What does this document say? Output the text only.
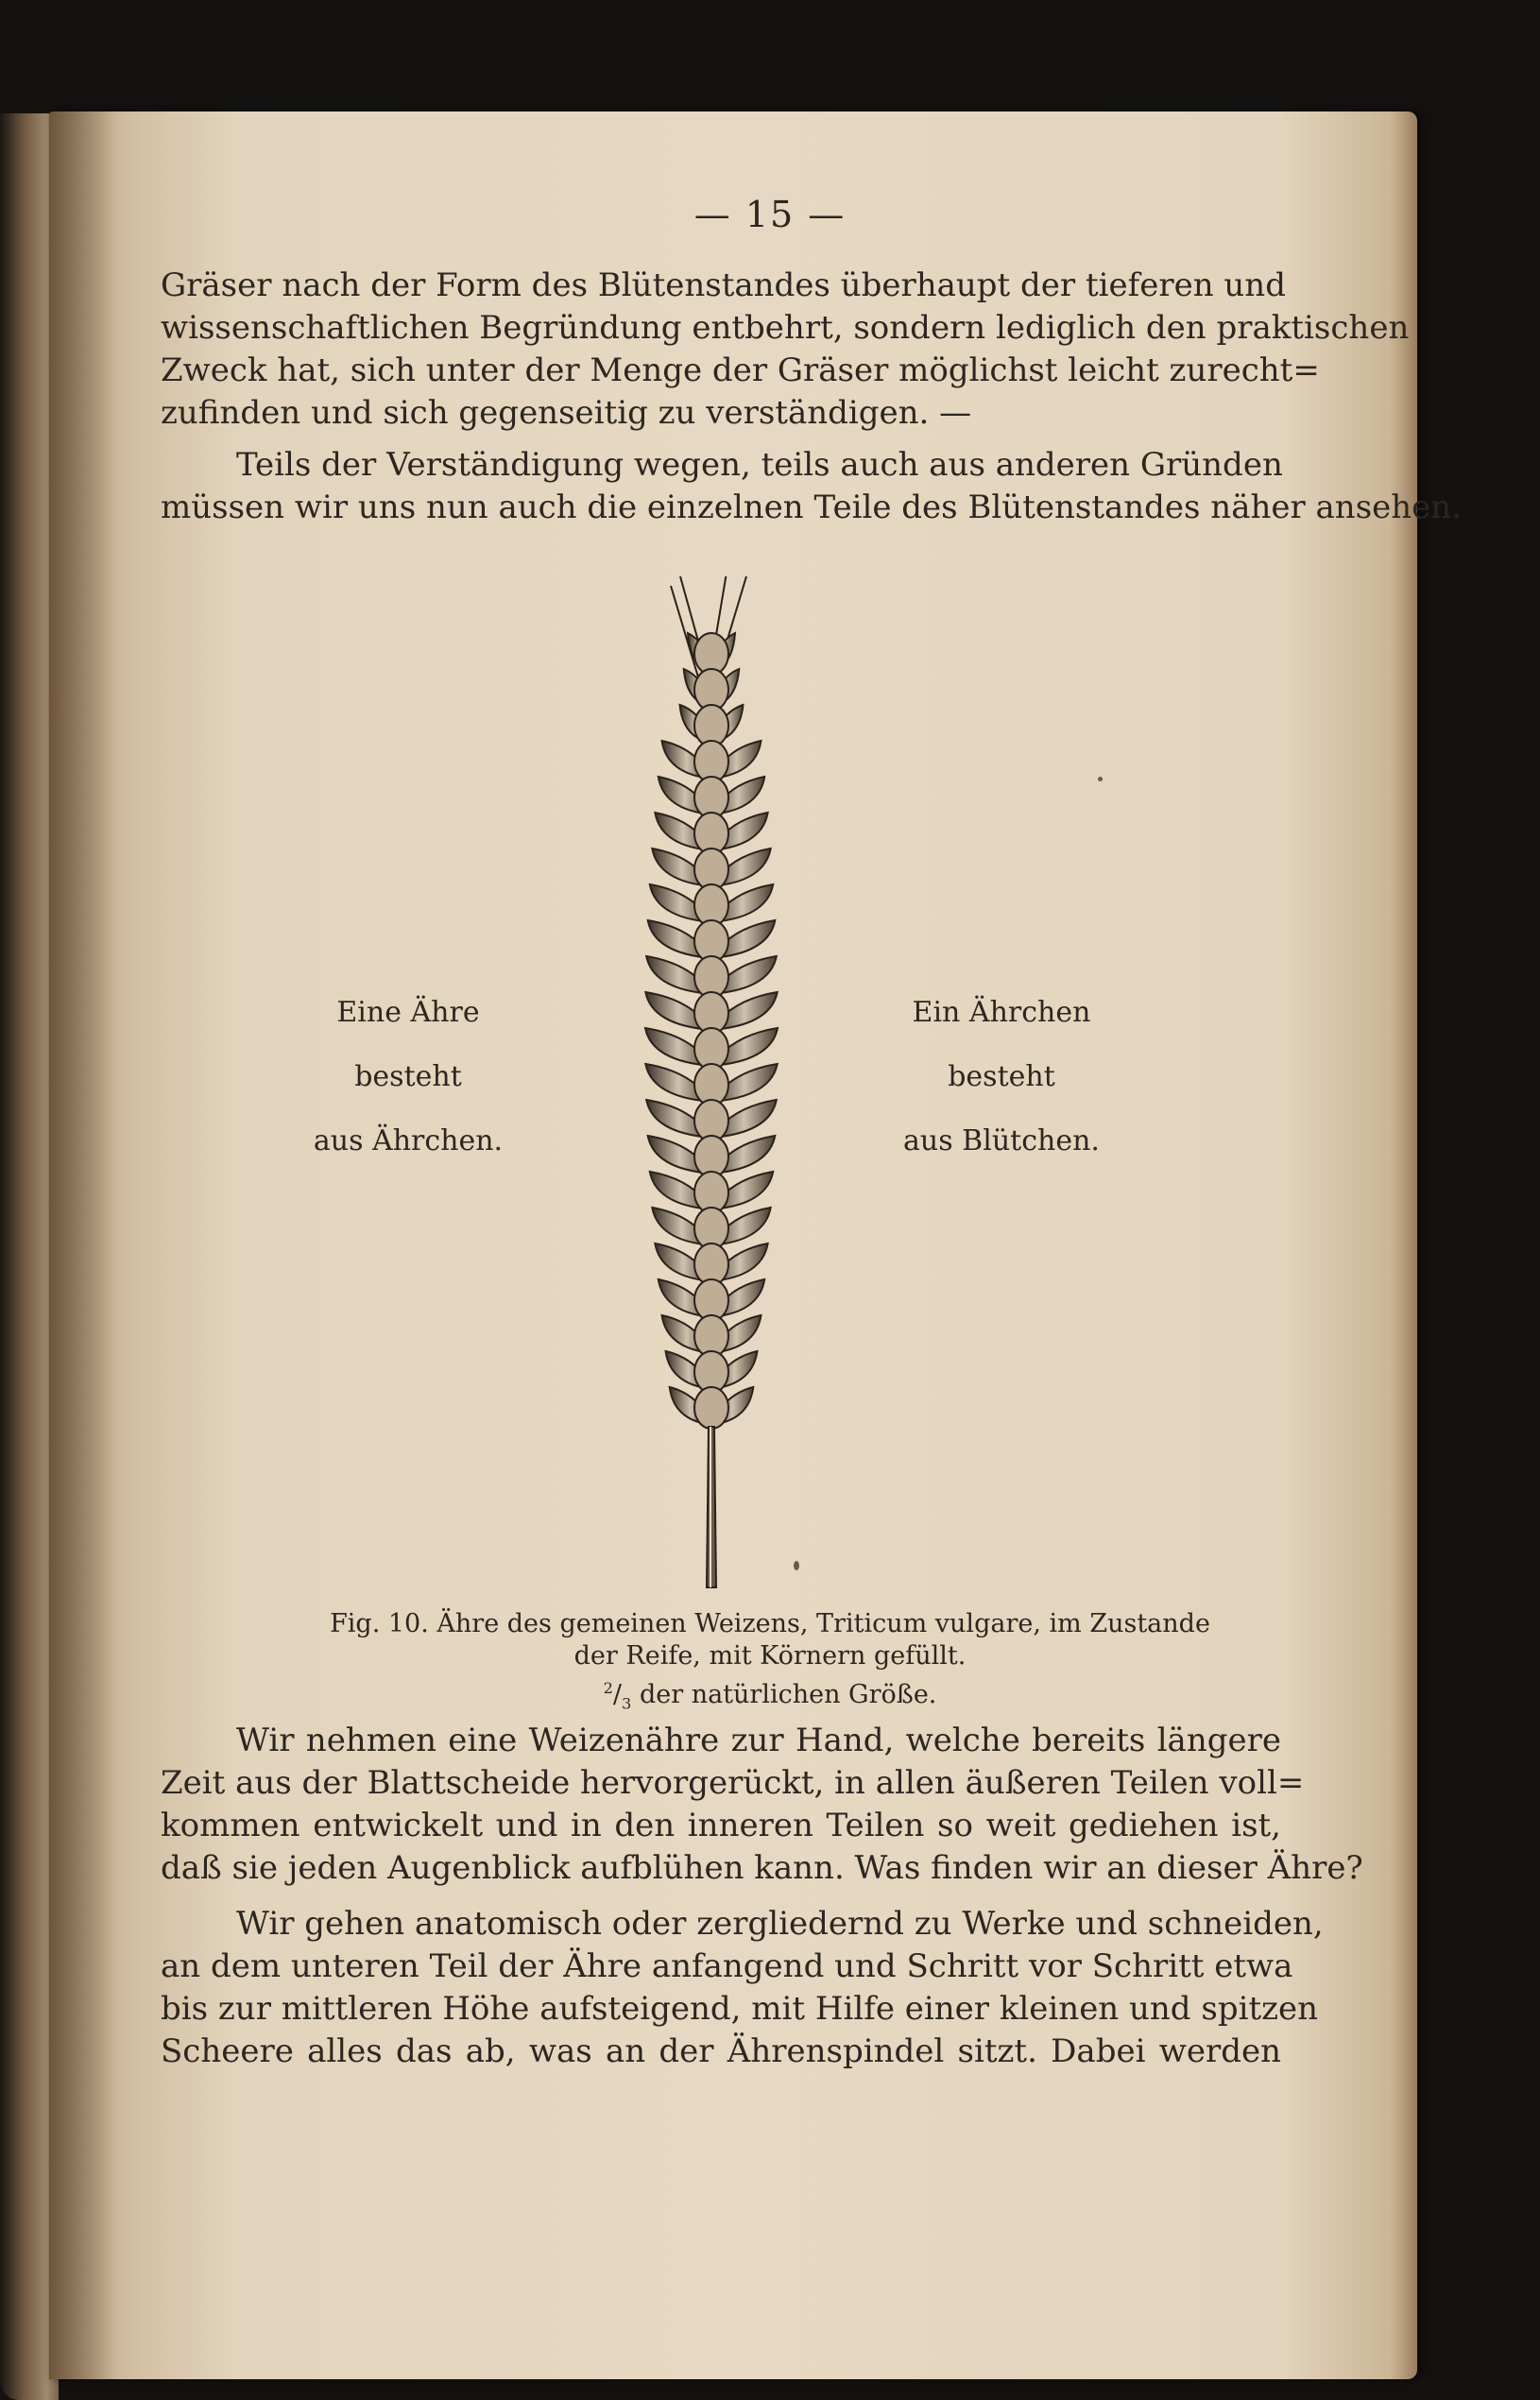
— 15 —
Gräser nach der Form des Blütenstandes überhaupt der tieferen und
wissenschaftlichen Begründung entbehrt, sondern lediglich den praktischen
Zweck hat, sich unter der Menge der Gräser möglichst leicht zurecht=
zufinden und sich gegenseitig zu verständigen. —
Teils der Verständigung wegen, teils auch aus anderen Gründen
müssen wir uns nun auch die einzelnen Teile des Blütenstandes näher ansehen.
Eine Ähre
besteht
aus Ährchen.
Ein Ährchen
besteht
aus Blütchen.
Fig. 10. Ähre des gemeinen Weizens, Triticum vulgare, im Zustande
der Reife, mit Körnern gefüllt.
$^2/_3$ der natürlichen Größe.
Wir nehmen eine Weizenähre zur Hand, welche bereits längere
Zeit aus der Blattscheide hervorgerückt, in allen äußeren Teilen voll=
kommen entwickelt und in den inneren Teilen so weit gediehen ist,
daß sie jeden Augenblick aufblühen kann. Was finden wir an dieser Ähre?
Wir gehen anatomisch oder zergliedernd zu Werke und schneiden,
an dem unteren Teil der Ähre anfangend und Schritt vor Schritt etwa
bis zur mittleren Höhe aufsteigend, mit Hilfe einer kleinen und spitzen
Scheere alles das ab, was an der Ährenspindel sitzt. Dabei werden
